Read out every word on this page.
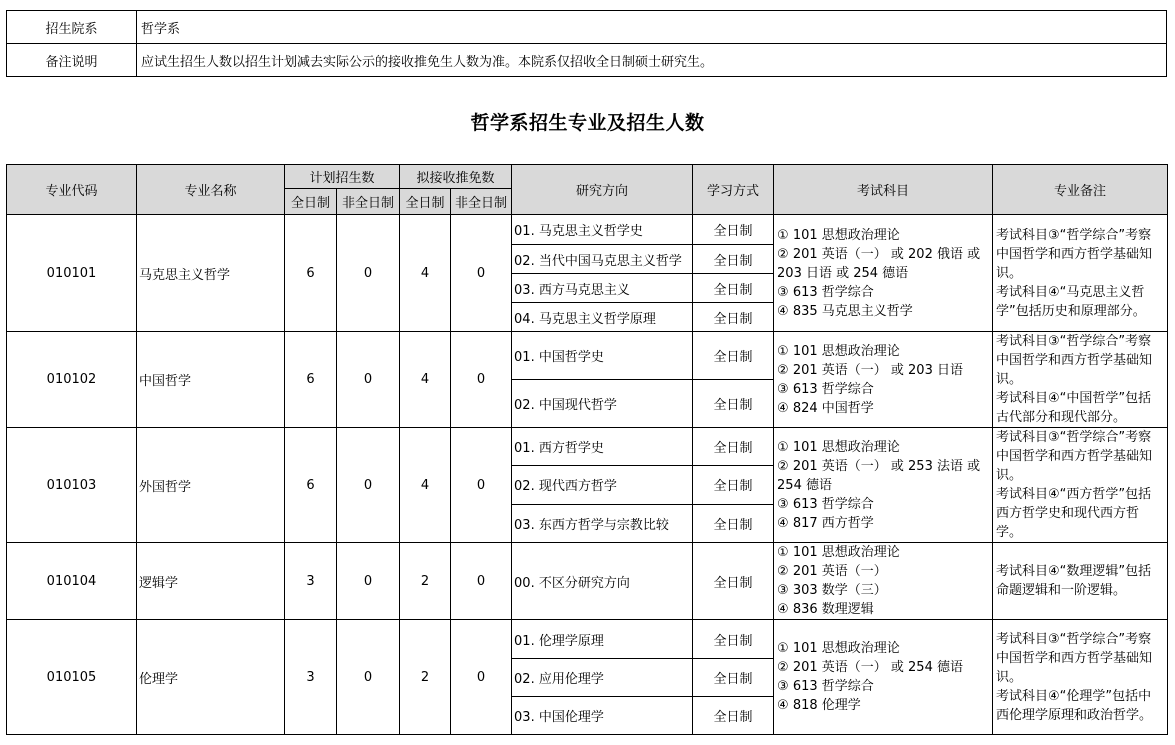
招生院系	哲学系
备注说明	应试生招生人数以招生计划减去实际公示的接收推免生人数为准。本院系仅招收全日制硕士研究生。
哲学系招生专业及招生人数
专业代码	专业名称	计划招生数		拟接收推免数		研究方向	学习方式	考试科目	专业备注
		全日制	非全日制	全日制	非全日制				
010101	马克思主义哲学	6	0	4	0	01. 马克思主义哲学史	全日制	① 101 思想政治理论
② 201 英语（一） 或 202 俄语 或 203 日语 或 254 德语
③ 613 哲学综合
④ 835 马克思主义哲学	考试科目③“哲学综合”考察中国哲学和西方哲学基础知识。
考试科目④“马克思主义哲学”包括历史和原理部分。

						02. 当代中国马克思主义哲学	全日制		
						03. 西方马克思主义	全日制		
						04. 马克思主义哲学原理	全日制		
010102	中国哲学	6	0	4	0	01. 中国哲学史	全日制	① 101 思想政治理论
② 201 英语（一） 或 203 日语
③ 613 哲学综合
④ 824 中国哲学	考试科目③“哲学综合”考察中国哲学和西方哲学基础知识。
考试科目④“中国哲学”包括古代部分和现代部分。

						02. 中国现代哲学	全日制		
010103	外国哲学	6	0	4	0	01. 西方哲学史	全日制	① 101 思想政治理论
② 201 英语（一） 或 253 法语 或 254 德语
③ 613 哲学综合
④ 817 西方哲学	考试科目③“哲学综合”考察中国哲学和西方哲学基础知识。
考试科目④“西方哲学”包括西方哲学史和现代西方哲学。

						02. 现代西方哲学	全日制		
						03. 东西方哲学与宗教比较	全日制		
010104	逻辑学	3	0	2	0	00. 不区分研究方向	全日制	① 101 思想政治理论
② 201 英语（一）
③ 303 数学（三）
④ 836 数理逻辑	考试科目④“数理逻辑”包括命题逻辑和一阶逻辑。

010105	伦理学	3	0	2	0	01. 伦理学原理	全日制	① 101 思想政治理论
② 201 英语（一） 或 254 德语
③ 613 哲学综合
④ 818 伦理学	考试科目③“哲学综合”考察中国哲学和西方哲学基础知识。
考试科目④“伦理学”包括中西伦理学原理和政治哲学。

						02. 应用伦理学	全日制		
						03. 中国伦理学	全日制		
